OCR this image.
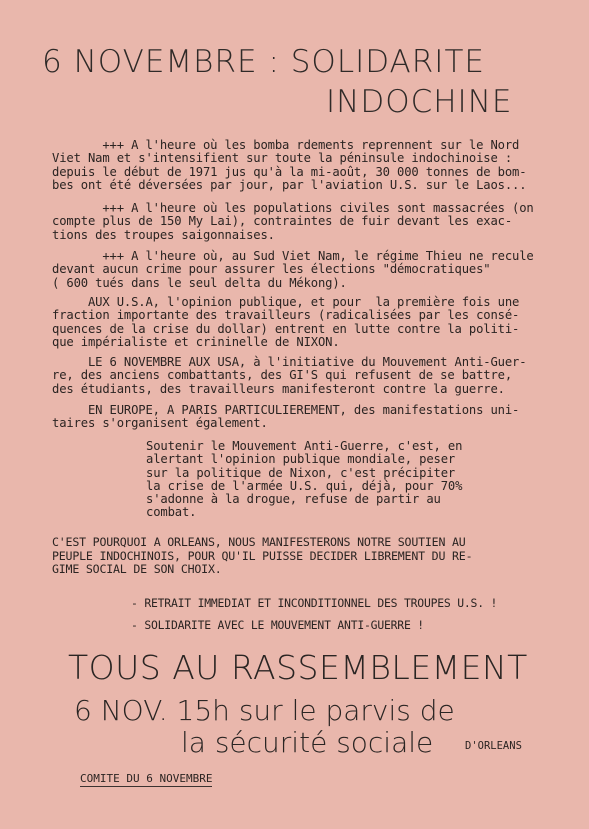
6 NOVEMBRE : SOLIDARITE
INDOCHINE
+++ A l'heure où les bomba rdements reprennent sur le Nord
Viet Nam et s'intensifient sur toute la péninsule indochinoise :
depuis le début de 1971 jus qu'à la mi-août, 30 000 tonnes de bom-
bes ont été déversées par jour, par l'aviation U.S. sur le Laos...
+++ A l'heure où les populations civiles sont massacrées (on
compte plus de 150 My Lai), contraintes de fuir devant les exac-
tions des troupes saigonnaises.
+++ A l'heure où, au Sud Viet Nam, le régime Thieu ne recule
devant aucun crime pour assurer les élections "démocratiques"
( 600 tués dans le seul delta du Mékong).
AUX U.S.A, l'opinion publique, et pour  la première fois une
fraction importante des travailleurs (radicalisées par les consé-
quences de la crise du dollar) entrent en lutte contre la politi-
que impérialiste et crininelle de NIXON.
LE 6 NOVEMBRE AUX USA, à l'initiative du Mouvement Anti-Guer-
re, des anciens combattants, des GI'S qui refusent de se battre,
des étudiants, des travailleurs manifesteront contre la guerre.
EN EUROPE, A PARIS PARTICULIEREMENT, des manifestations uni-
taires s'organisent également.
Soutenir le Mouvement Anti-Guerre, c'est, en
alertant l'opinion publique mondiale, peser
sur la politique de Nixon, c'est précipiter
la crise de l'armée U.S. qui, déjà, pour 70%
s'adonne à la drogue, refuse de partir au
combat.
C'EST POURQUOI A ORLEANS, NOUS MANIFESTERONS NOTRE SOUTIEN AU
PEUPLE INDOCHINOIS, POUR QU'IL PUISSE DECIDER LIBREMENT DU RE-
GIME SOCIAL DE SON CHOIX.
- RETRAIT IMMEDIAT ET INCONDITIONNEL DES TROUPES U.S. !
- SOLIDARITE AVEC LE MOUVEMENT ANTI-GUERRE !
TOUS AU RASSEMBLEMENT
6 NOV. 15h sur le parvis de
la sécurité sociale	D'ORLEANS
COMITE DU 6 NOVEMBRE
